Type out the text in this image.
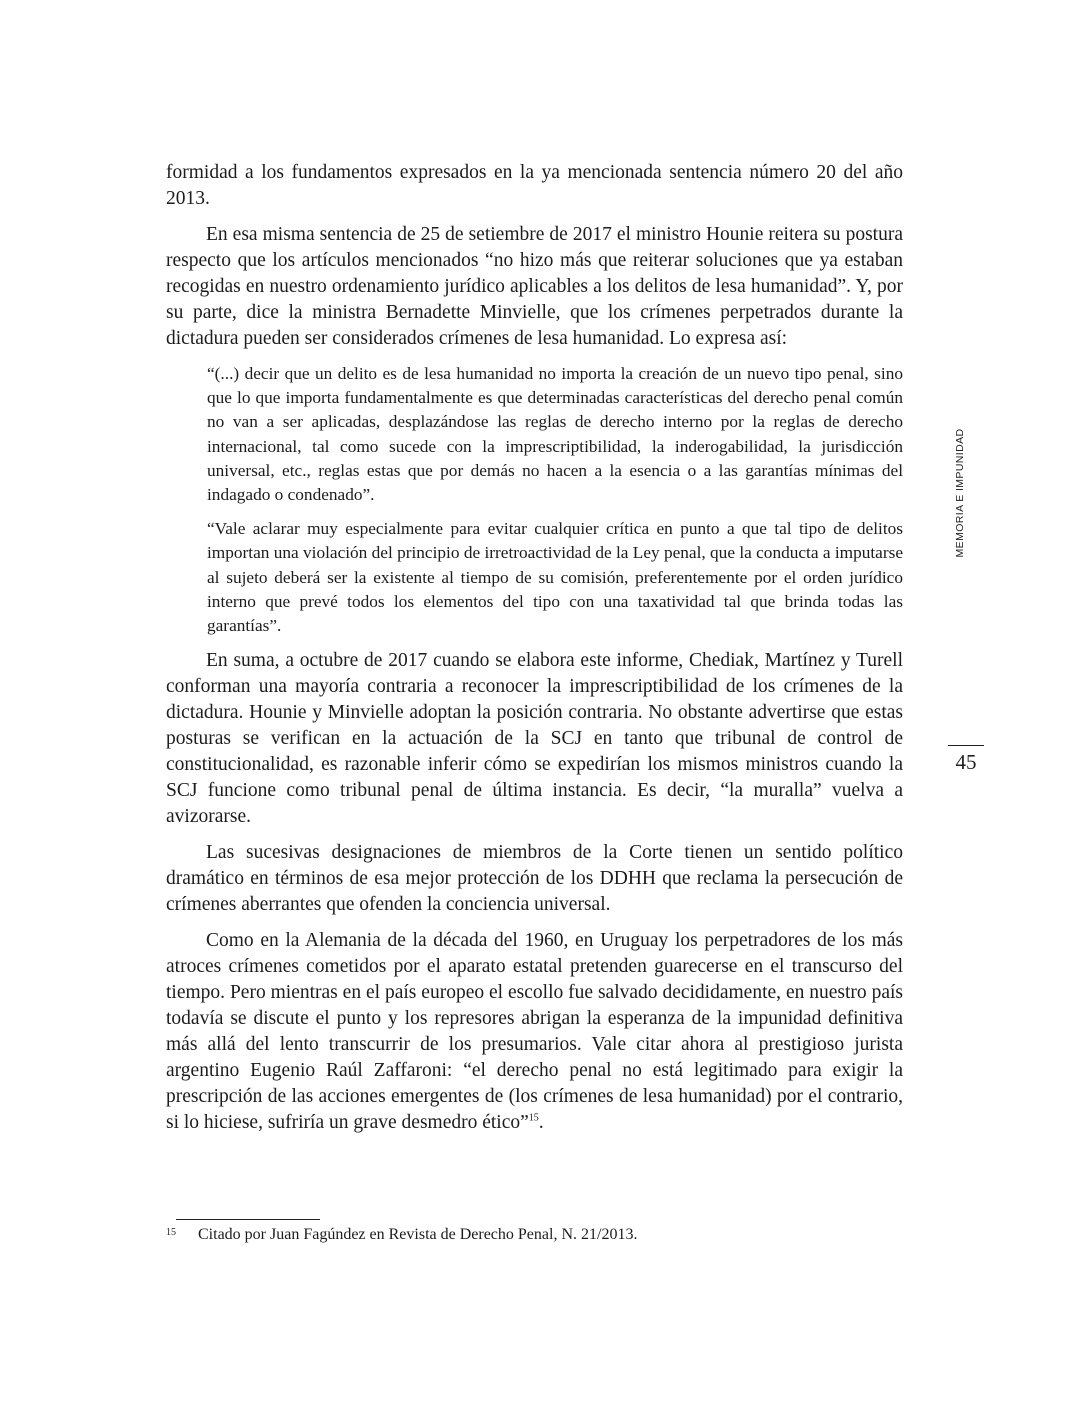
formidad a los fundamentos expresados en la ya mencionada sentencia número 20 del año 2013.

En esa misma sentencia de 25 de setiembre de 2017 el ministro Hounie reitera su postura respecto que los artículos mencionados “no hizo más que reiterar soluciones que ya estaban recogidas en nuestro ordenamiento jurídico aplicables a los delitos de lesa humanidad”. Y, por su parte, dice la ministra Bernadette Minvielle, que los crímenes perpetrados durante la dictadura pueden ser considerados crímenes de lesa humanidad. Lo expresa así:

“(...) decir que un delito es de lesa humanidad no importa la creación de un nuevo tipo penal, sino que lo que importa fundamentalmente es que determinadas características del derecho penal común no van a ser aplicadas, desplazándose las reglas de derecho interno por la reglas de derecho internacional, tal como sucede con la imprescriptibilidad, la inderogabilidad, la jurisdicción universal, etc., reglas estas que por demás no hacen a la esencia o a las garantías mínimas del indagado o condenado”.

“Vale aclarar muy especialmente para evitar cualquier crítica en punto a que tal tipo de delitos importan una violación del principio de irretroactividad de la Ley penal, que la conducta a imputarse al sujeto deberá ser la existente al tiempo de su comisión, preferentemente por el orden jurídico interno que prevé todos los elementos del tipo con una taxatividad tal que brinda todas las garantías”.

En suma, a octubre de 2017 cuando se elabora este informe, Chediak, Martínez y Turell conforman una mayoría contraria a reconocer la imprescriptibilidad de los crímenes de la dictadura. Hounie y Minvielle adoptan la posición contraria. No obstante advertirse que estas posturas se verifican en la actuación de la SCJ en tanto que tribunal de control de constitucionalidad, es razonable inferir cómo se expedirían los mismos ministros cuando la SCJ funcione como tribunal penal de última instancia. Es decir, “la muralla” vuelva a avizorarse.

Las sucesivas designaciones de miembros de la Corte tienen un sentido político dramático en términos de esa mejor protección de los DDHH que reclama la persecución de crímenes aberrantes que ofenden la conciencia universal.

Como en la Alemania de la década del 1960, en Uruguay los perpetradores de los más atroces crímenes cometidos por el aparato estatal pretenden guarecerse en el transcurso del tiempo. Pero mientras en el país europeo el escollo fue salvado decididamente, en nuestro país todavía se discute el punto y los represores abrigan la esperanza de la impunidad definitiva más allá del lento transcurrir de los presumarios. Vale citar ahora al prestigioso jurista argentino Eugenio Raúl Zaffaroni: “el derecho penal no está legitimado para exigir la prescripción de las acciones emergentes de (los crímenes de lesa humanidad) por el contrario, si lo hiciese, sufriría un grave desmedro ético”$^{15}$.

MEMORIA E IMPUNIDAD
45
15 Citado por Juan Fagúndez en Revista de Derecho Penal, N. 21/2013.
